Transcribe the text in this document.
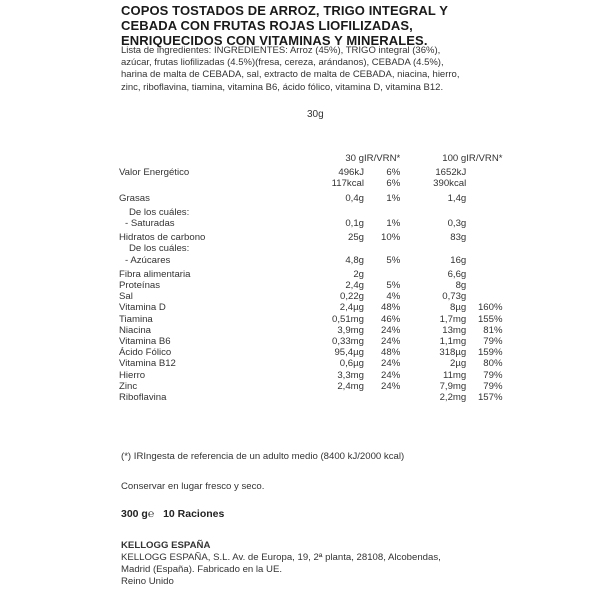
COPOS TOSTADOS DE ARROZ, TRIGO INTEGRAL Y CEBADA CON FRUTAS ROJAS LIOFILIZADAS, ENRIQUECIDOS CON VITAMINAS Y MINERALES.
Lista de ingredientes: INGREDIENTES: Arroz (45%), TRIGO integral (36%), azúcar, frutas liofilizadas (4.5%)(fresa, cereza, arándanos), CEBADA (4.5%), harina de malta de CEBADA, sal, extracto de malta de CEBADA, niacina, hierro, zinc, riboflavina, tiamina, vitamina B6, ácido fólico, vitamina D, vitamina B12.
30g
	30 g	IR/VRN*	100 g	IR/VRN*

Valor Energético	496kJ	6%	1652kJ	
	117kcal	6%	390kcal	

Grasas	0,4g	1%	1,4g	

De los cuáles:				
- Saturadas	0,1g	1%	0,3g	

Hidratos de carbono	25g	10%	83g	
De los cuáles:				
- Azúcares	4,8g	5%	16g	

Fibra alimentaria	2g		6,6g	
Proteínas	2,4g	5%	8g	
Sal	0,22g	4%	0,73g	
Vitamina D	2,4µg	48%	8µg	160%
Tiamina	0,51mg	46%	1,7mg	155%
Niacina	3,9mg	24%	13mg	81%
Vitamina B6	0,33mg	24%	1,1mg	79%
Ácido Fólico	95,4µg	48%	318µg	159%
Vitamina B12	0,6µg	24%	2µg	80%
Hierro	3,3mg	24%	11mg	79%
Zinc	2,4mg	24%	7,9mg	79%
Riboflavina			2,2mg	157%
(*) IRIngesta de referencia de un adulto medio (8400 kJ/2000 kcal)
Conservar en lugar fresco y seco.
300 g℮ 10 Raciones
KELLOGG ESPAÑA
KELLOGG ESPAÑA, S.L. Av. de Europa, 19, 2ª planta, 28108, Alcobendas, Madrid (España). Fabricado en la UE.
Reino Unido
